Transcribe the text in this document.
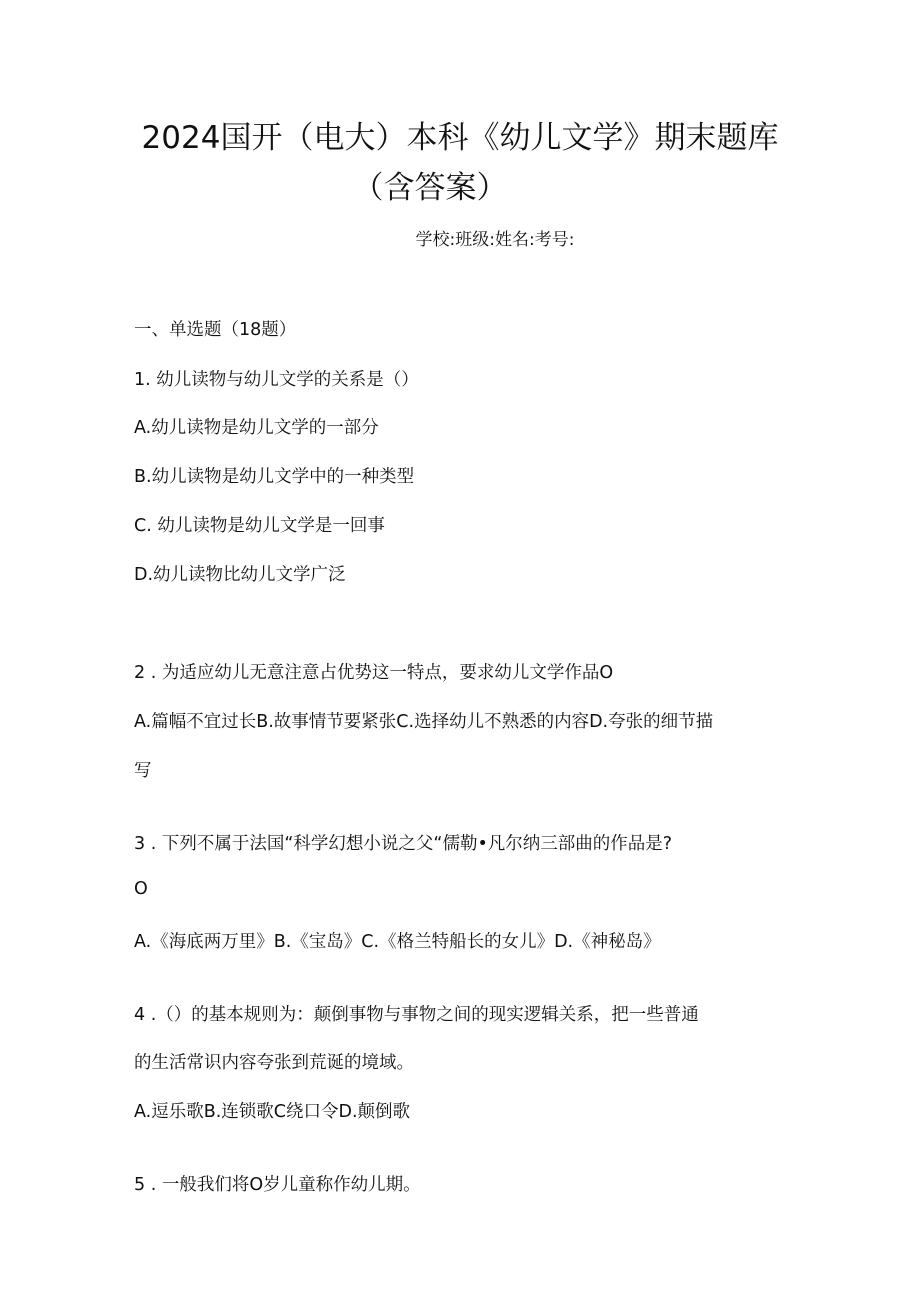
2024国开（电大）本科《幼儿文学》期末题库
（含答案）
学校:班级:姓名:考号:
一、单选题（18题）
1. 幼儿读物与幼儿文学的关系是（）
A.幼儿读物是幼儿文学的一部分
B.幼儿读物是幼儿文学中的一种类型
C. 幼儿读物是幼儿文学是一回事
D.幼儿读物比幼儿文学广泛
2 . 为适应幼儿无意注意占优势这一特点，要求幼儿文学作品O
A.篇幅不宜过长B.故事情节要紧张C.选择幼儿不熟悉的内容D.夸张的细节描
写
3 . 下列不属于法国“科学幻想小说之父“儒勒•凡尔纳三部曲的作品是?
O
A.《海底两万里》B.《宝岛》C.《格兰特船长的女儿》D.《神秘岛》
4 .（）的基本规则为：颠倒事物与事物之间的现实逻辑关系，把一些普通
的生活常识内容夸张到荒诞的境域。
A.逗乐歌B.连锁歌C绕口令D.颠倒歌
5 . 一般我们将O岁儿童称作幼儿期。
